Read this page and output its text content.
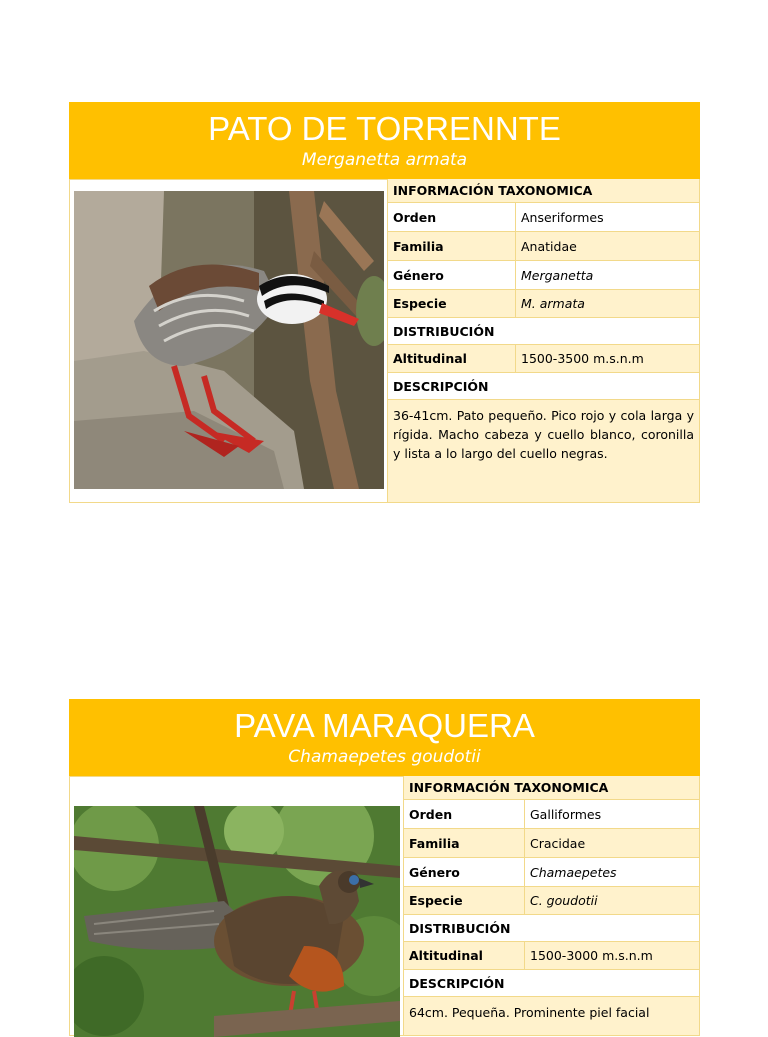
PATO DE TORRENNTE
Merganetta armata
INFORMACIÓN TAXONOMICA
Orden	Anseriformes
Familia	Anatidae
Género	Merganetta
Especie	M. armata
DISTRIBUCIÓN
Altitudinal	1500-3500 m.s.n.m
DESCRIPCIÓN
36-41cm. Pato pequeño. Pico rojo y cola larga y rígida. Macho cabeza y cuello blanco, coronilla y lista a lo largo del cuello negras.
PAVA MARAQUERA
Chamaepetes goudotii
INFORMACIÓN TAXONOMICA
Orden	Galliformes
Familia	Cracidae
Género	Chamaepetes
Especie	C. goudotii
DISTRIBUCIÓN
Altitudinal	1500-3000 m.s.n.m
DESCRIPCIÓN
64cm. Pequeña. Prominente piel facial
